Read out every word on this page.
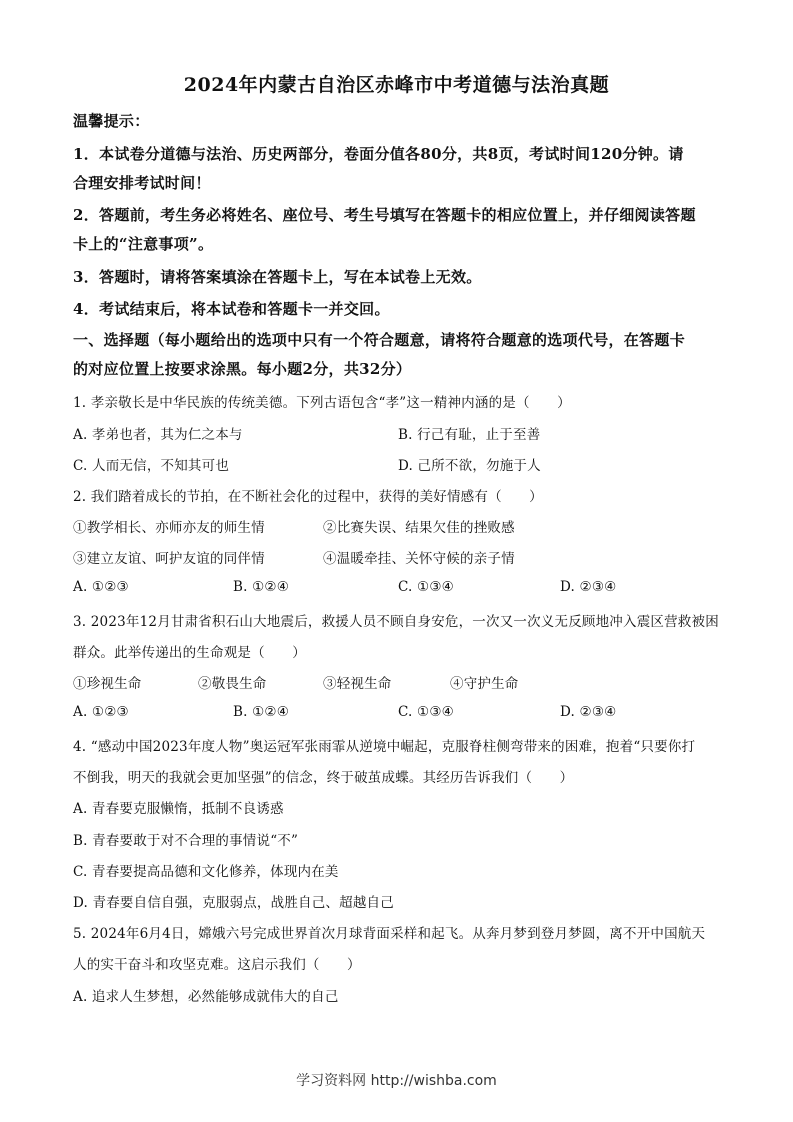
2024年内蒙古自治区赤峰市中考道德与法治真题
温馨提示：
1．本试卷分道德与法治、历史两部分，卷面分值各80分，共8页，考试时间120分钟。请
合理安排考试时间！
2．答题前，考生务必将姓名、座位号、考生号填写在答题卡的相应位置上，并仔细阅读答题
卡上的“注意事项”。
3．答题时，请将答案填涂在答题卡上，写在本试卷上无效。
4．考试结束后，将本试卷和答题卡一并交回。
一、选择题（每小题给出的选项中只有一个符合题意，请将符合题意的选项代号，在答题卡
的对应位置上按要求涂黑。每小题2分，共32分）
1. 孝亲敬长是中华民族的传统美德。下列古语包含“孝”这一精神内涵的是（　　）
A. 孝弟也者，其为仁之本与	B. 行己有耻，止于至善
C. 人而无信，不知其可也	D. 己所不欲，勿施于人
2. 我们踏着成长的节拍，在不断社会化的过程中，获得的美好情感有（　　）
①教学相长、亦师亦友的师生情	②比赛失误、结果欠佳的挫败感
③建立友谊、呵护友谊的同伴情	④温暖牵挂、关怀守候的亲子情
A. ①②③	B. ①②④	C. ①③④	D. ②③④
3. 2023年12月甘肃省积石山大地震后，救援人员不顾自身安危，一次又一次义无反顾地冲入震区营救被困
群众。此举传递出的生命观是（　　）
①珍视生命	②敬畏生命	③轻视生命	④守护生命
A. ①②③	B. ①②④	C. ①③④	D. ②③④
4. “感动中国2023年度人物”奥运冠军张雨霏从逆境中崛起，克服脊柱侧弯带来的困难，抱着“只要你打
不倒我，明天的我就会更加坚强”的信念，终于破茧成蝶。其经历告诉我们（　　）
A. 青春要克服懒惰，抵制不良诱惑
B. 青春要敢于对不合理的事情说“不”
C. 青春要提高品德和文化修养，体现内在美
D. 青春要自信自强，克服弱点，战胜自己、超越自己
5. 2024年6月4日，嫦娥六号完成世界首次月球背面采样和起飞。从奔月梦到登月梦圆，离不开中国航天
人的实干奋斗和攻坚克难。这启示我们（　　）
A. 追求人生梦想，必然能够成就伟大的自己
学习资料网 http://wishba.com
